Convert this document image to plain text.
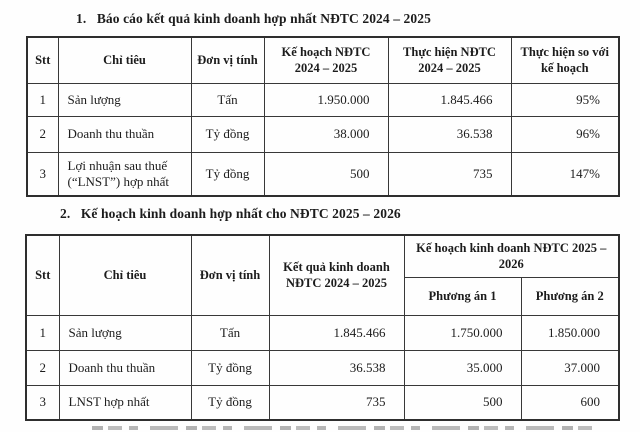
1. Báo cáo kết quả kinh doanh hợp nhất NĐTC 2024 – 2025
Stt	Chỉ tiêu	Đơn vị tính	Kế hoạch NĐTC 2024 – 2025	Thực hiện NĐTC 2024 – 2025	Thực hiện so với kế hoạch
1	Sản lượng	Tấn	1.950.000	1.845.466	95%
2	Doanh thu thuần	Tỷ đồng	38.000	36.538	96%
3	Lợi nhuận sau thuế (“LNST”) hợp nhất	Tỷ đồng	500	735	147%
2. Kế hoạch kinh doanh hợp nhất cho NĐTC 2025 – 2026
Stt	Chỉ tiêu	Đơn vị tính	Kết quả kinh doanh NĐTC 2024 – 2025	Kế hoạch kinh doanh NĐTC 2025 – 2026	
				Phương án 1	Phương án 2
1	Sản lượng	Tấn	1.845.466	1.750.000	1.850.000
2	Doanh thu thuần	Tỷ đồng	36.538	35.000	37.000
3	LNST hợp nhất	Tỷ đồng	735	500	600
